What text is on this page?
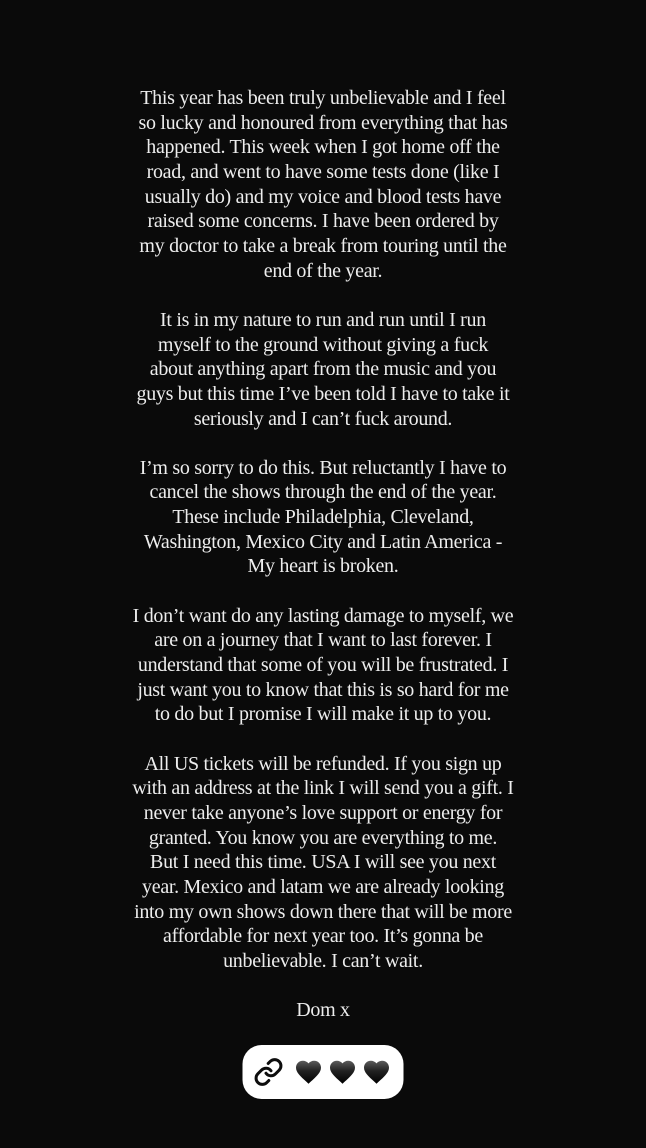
This year has been truly unbelievable and I feel
so lucky and honoured from everything that has
happened. This week when I got home off the
road, and went to have some tests done (like I
usually do) and my voice and blood tests have
raised some concerns. I have been ordered by
my doctor to take a break from touring until the
end of the year.

It is in my nature to run and run until I run
myself to the ground without giving a fuck
about anything apart from the music and you
guys but this time I’ve been told I have to take it
seriously and I can’t fuck around.

I’m so sorry to do this. But reluctantly I have to
cancel the shows through the end of the year.
These include Philadelphia, Cleveland,
Washington, Mexico City and Latin America -
My heart is broken.

I don’t want do any lasting damage to myself, we
are on a journey that I want to last forever. I
understand that some of you will be frustrated. I
just want you to know that this is so hard for me
to do but I promise I will make it up to you.

All US tickets will be refunded. If you sign up
with an address at the link I will send you a gift. I
never take anyone’s love support or energy for
granted. You know you are everything to me.
But I need this time. USA I will see you next
year. Mexico and latam we are already looking
into my own shows down there that will be more
affordable for next year too. It’s gonna be
unbelievable. I can’t wait.

Dom x
